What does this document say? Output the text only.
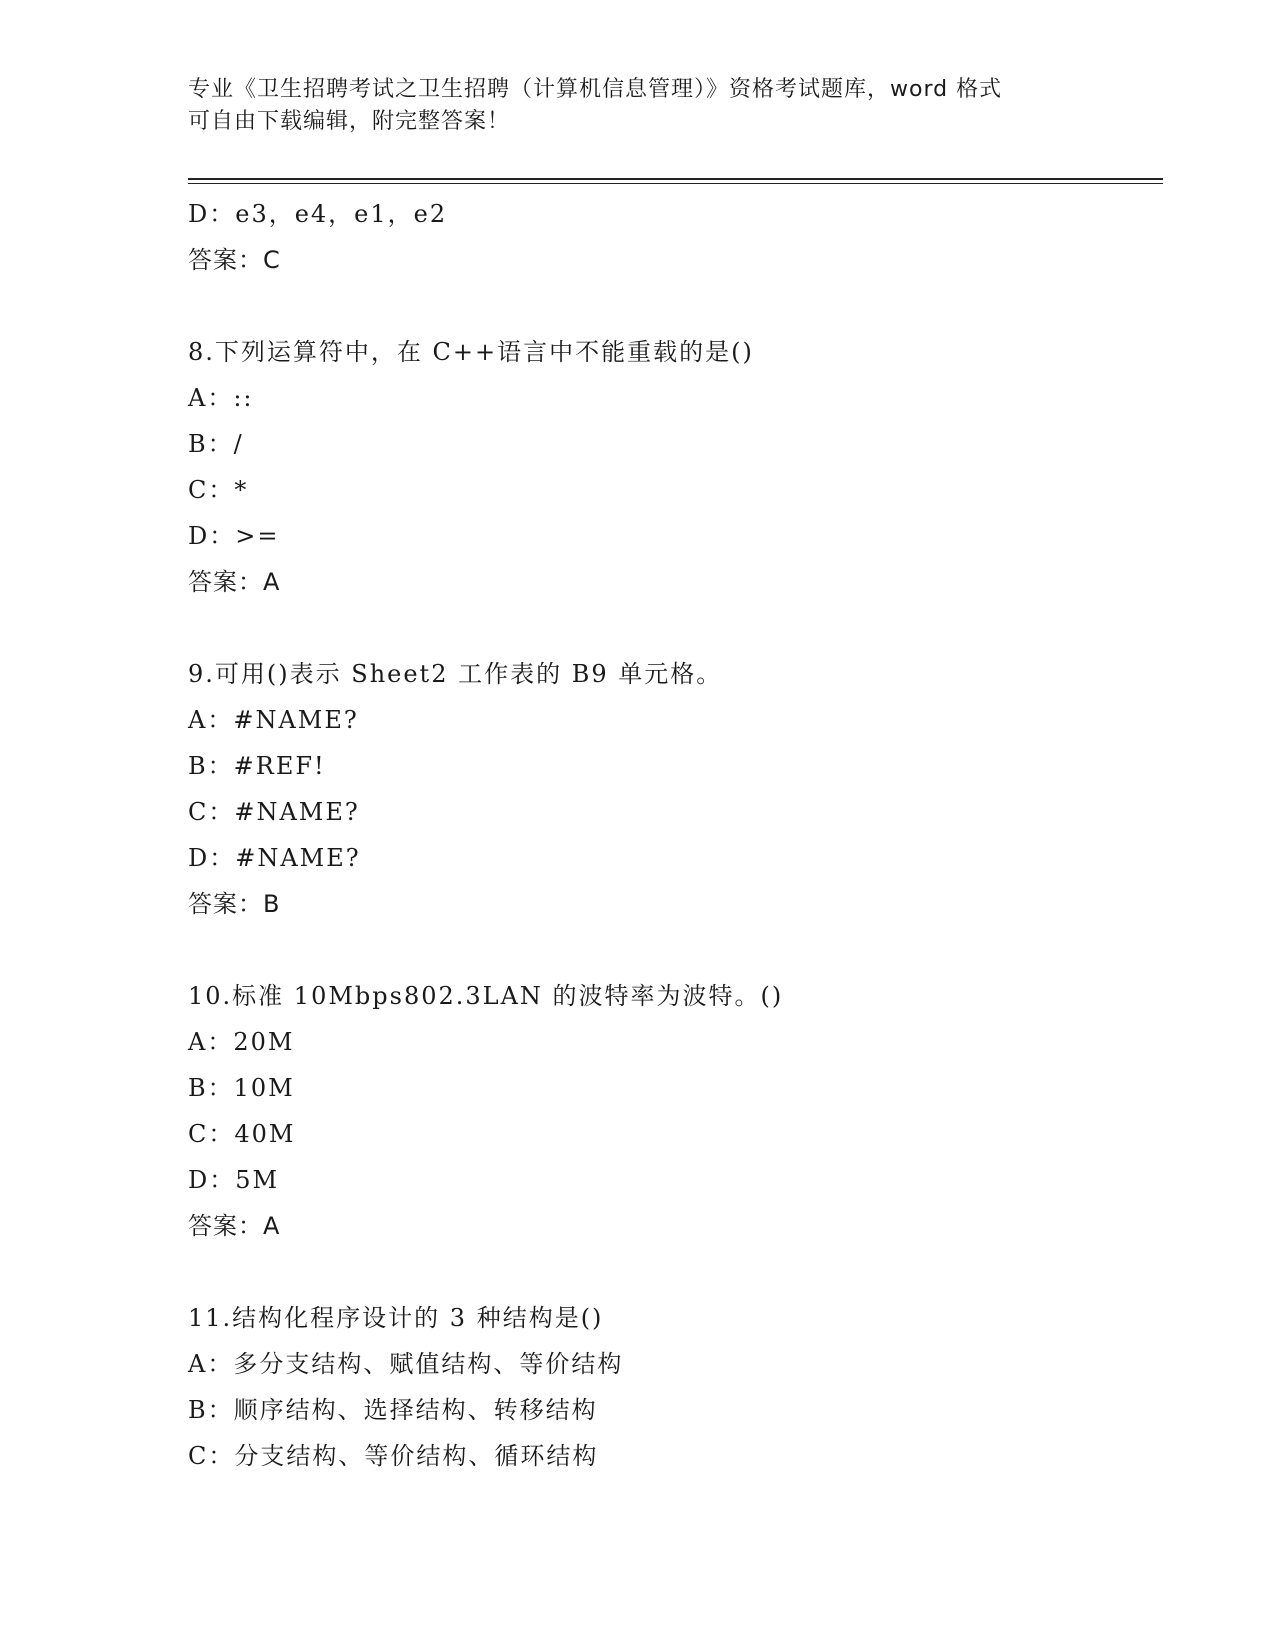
专业《卫生招聘考试之卫生招聘（计算机信息管理）》资格考试题库，word 格式
可自由下载编辑，附完整答案！
D：e3，e4，e1，e2
答案：C
8.下列运算符中，在 C++语言中不能重载的是()
A：::
B：/
C：*
D：>=
答案：A
9.可用()表示 Sheet2 工作表的 B9 单元格。
A：#NAME?
B：#REF!
C：#NAME?
D：#NAME?
答案：B
10.标准 10Mbps802.3LAN 的波特率为波特。()
A：20M
B：10M
C：40M
D：5M
答案：A
11.结构化程序设计的 3 种结构是()
A：多分支结构、赋值结构、等价结构
B：顺序结构、选择结构、转移结构
C：分支结构、等价结构、循环结构
